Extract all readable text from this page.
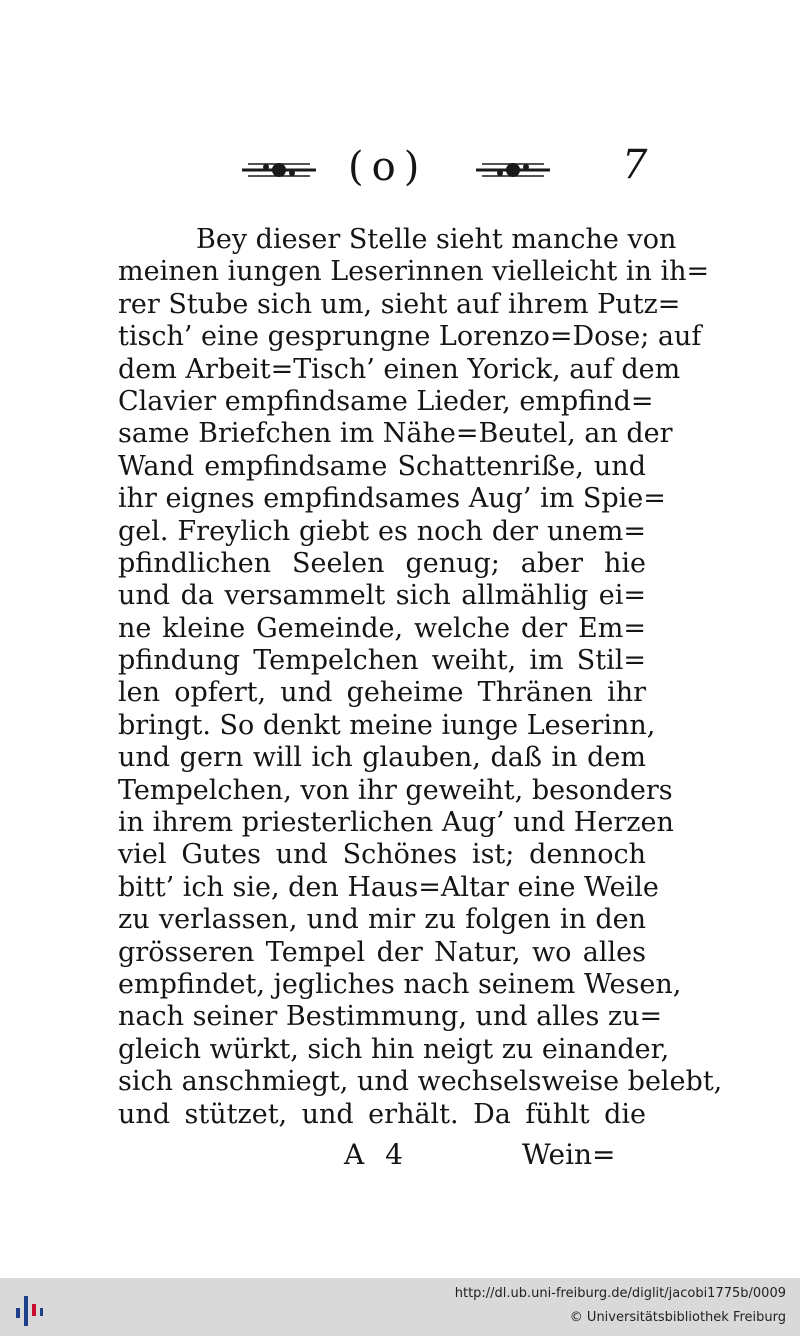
(o)	7
Bey dieser Stelle sieht manche von
meinen iungen Leserinnen vielleicht in ih=
rer Stube sich um, sieht auf ihrem Putz=
tisch’ eine gesprungne Lorenzo=Dose; auf
dem Arbeit=Tisch’ einen Yorick, auf dem
Clavier empfindsame Lieder, empfind=
same Briefchen im Nähe=Beutel, an der
Wand empfindsame Schattenriße, und
ihr eignes empfindsames Aug’ im Spie=
gel. Freylich giebt es noch der unem=
pfindlichen Seelen genug; aber hie
und da versammelt sich allmählig ei=
ne kleine Gemeinde, welche der Em=
pfindung Tempelchen weiht, im Stil=
len opfert, und geheime Thränen ihr
bringt. So denkt meine iunge Leserinn,
und gern will ich glauben, daß in dem
Tempelchen, von ihr geweiht, besonders
in ihrem priesterlichen Aug’ und Herzen
viel Gutes und Schönes ist; dennoch
bitt’ ich sie, den Haus=Altar eine Weile
zu verlassen, und mir zu folgen in den
grösseren Tempel der Natur, wo alles
empfindet, jegliches nach seinem Wesen,
nach seiner Bestimmung, und alles zu=
gleich würkt, sich hin neigt zu einander,
sich anschmiegt, und wechselsweise belebt,
und stützet, und erhält. Da fühlt die
A 4	Wein=
http://dl.ub.uni-freiburg.de/diglit/jacobi1775b/0009
© Universitätsbibliothek Freiburg
